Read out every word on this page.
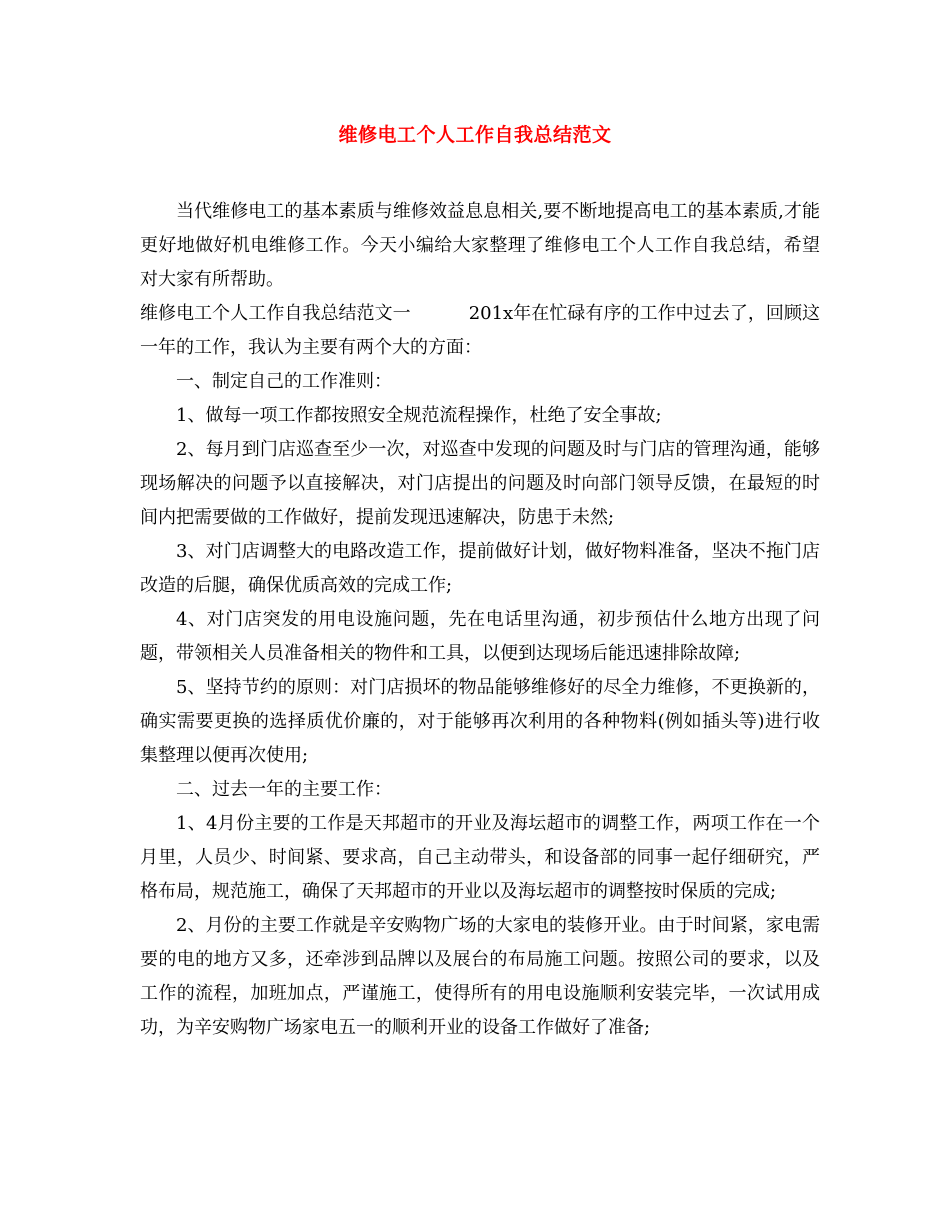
维修电工个人工作自我总结范文

当代维修电工的基本素质与维修效益息息相关,要不断地提高电工的基本素质,才能更好地做好机电维修工作。今天小编给大家整理了维修电工个人工作自我总结，希望对大家有所帮助。

维修电工个人工作自我总结范文一	201x年在忙碌有序的工作中过去了，回顾这一年的工作，我认为主要有两个大的方面：

一、制定自己的工作准则：

1、做每一项工作都按照安全规范流程操作，杜绝了安全事故;

2、每月到门店巡查至少一次，对巡查中发现的问题及时与门店的管理沟通，能够现场解决的问题予以直接解决，对门店提出的问题及时向部门领导反馈，在最短的时间内把需要做的工作做好，提前发现迅速解决，防患于未然;

3、对门店调整大的电路改造工作，提前做好计划，做好物料准备，坚决不拖门店改造的后腿，确保优质高效的完成工作;

4、对门店突发的用电设施问题，先在电话里沟通，初步预估什么地方出现了问题，带领相关人员准备相关的物件和工具，以便到达现场后能迅速排除故障;

5、坚持节约的原则：对门店损坏的物品能够维修好的尽全力维修，不更换新的，确实需要更换的选择质优价廉的，对于能够再次利用的各种物料(例如插头等)进行收集整理以便再次使用;

二、过去一年的主要工作：

1、4月份主要的工作是天邦超市的开业及海坛超市的调整工作，两项工作在一个月里，人员少、时间紧、要求高，自己主动带头，和设备部的同事一起仔细研究，严格布局，规范施工，确保了天邦超市的开业以及海坛超市的调整按时保质的完成;

2、月份的主要工作就是辛安购物广场的大家电的装修开业。由于时间紧，家电需要的电的地方又多，还牵涉到品牌以及展台的布局施工问题。按照公司的要求，以及工作的流程，加班加点，严谨施工，使得所有的用电设施顺利安装完毕，一次试用成功，为辛安购物广场家电五一的顺利开业的设备工作做好了准备;
